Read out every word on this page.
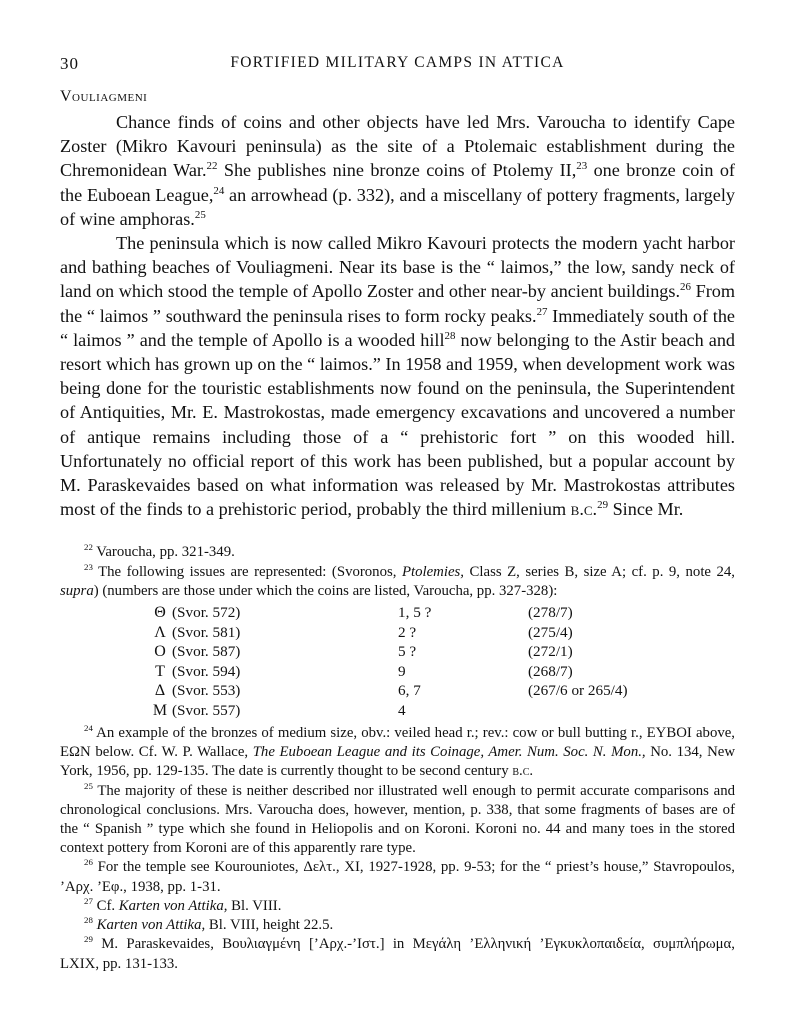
30	FORTIFIED MILITARY CAMPS IN ATTICA
Vouliagmeni

Chance finds of coins and other objects have led Mrs. Varoucha to identify Cape Zoster (Mikro Kavouri peninsula) as the site of a Ptolemaic establishment during the Chremonidean War.$^{22}$ She publishes nine bronze coins of Ptolemy II,$^{23}$ one bronze coin of the Euboean League,$^{24}$ an arrowhead (p. 332), and a miscellany of pottery fragments, largely of wine amphoras.$^{25}$

The peninsula which is now called Mikro Kavouri protects the modern yacht harbor and bathing beaches of Vouliagmeni. Near its base is the “ laimos,” the low, sandy neck of land on which stood the temple of Apollo Zoster and other near-by ancient buildings.$^{26}$ From the “ laimos ” southward the peninsula rises to form rocky peaks.$^{27}$ Immediately south of the “ laimos ” and the temple of Apollo is a wooded hill$^{28}$ now belonging to the Astir beach and resort which has grown up on the “ laimos.” In 1958 and 1959, when development work was being done for the touristic establishments now found on the peninsula, the Superintendent of Antiquities, Mr. E. Mastrokostas, made emergency excavations and uncovered a number of antique remains including those of a “ prehistoric fort ” on this wooded hill. Unfortunately no official report of this work has been published, but a popular account by M. Paraskevaides based on what information was released by Mr. Mastrokostas attributes most of the finds to a prehistoric period, probably the third millenium b.c.$^{29}$ Since Mr.

$^{22}$ Varoucha, pp. 321-349.

$^{23}$ The following issues are represented: (Svoronos, Ptolemies, Class Z, series B, size A; cf. p. 9, note 24, supra) (numbers are those under which the coins are listed, Varoucha, pp. 327-328):

Θ	(Svor. 572)	1, 5 ?	(278/7)
Λ	(Svor. 581)	2 ?	(275/4)
O	(Svor. 587)	5 ?	(272/1)
T	(Svor. 594)	9	(268/7)
Δ	(Svor. 553)	6, 7	(267/6 or 265/4)
Μ	(Svor. 557)	4	

$^{24}$ An example of the bronzes of medium size, obv.: veiled head r.; rev.: cow or bull butting r., EYBOI above, EΩN below. Cf. W. P. Wallace, The Euboean League and its Coinage, Amer. Num. Soc. N. Mon., No. 134, New York, 1956, pp. 129-135. The date is currently thought to be second century b.c.

$^{25}$ The majority of these is neither described nor illustrated well enough to permit accurate comparisons and chronological conclusions. Mrs. Varoucha does, however, mention, p. 338, that some fragments of bases are of the “ Spanish ” type which she found in Heliopolis and on Koroni. Koroni no. 44 and many toes in the stored context pottery from Koroni are of this apparently rare type.

$^{26}$ For the temple see Kourouniotes, Δελτ., XI, 1927-1928, pp. 9-53; for the “ priest’s house,” Stavropoulos, ’Αρχ. ’Εφ., 1938, pp. 1-31.

$^{27}$ Cf. Karten von Attika, Bl. VIII.

$^{28}$ Karten von Attika, Bl. VIII, height 22.5.

$^{29}$ M. Paraskevaides, Βουλιαγμένη [’Αρχ.-’Ιστ.] in Μεγάλη ’Ελληνική ’Εγκυκλοπαιδεία, συμπλήρωμα, LXIX, pp. 131-133.
